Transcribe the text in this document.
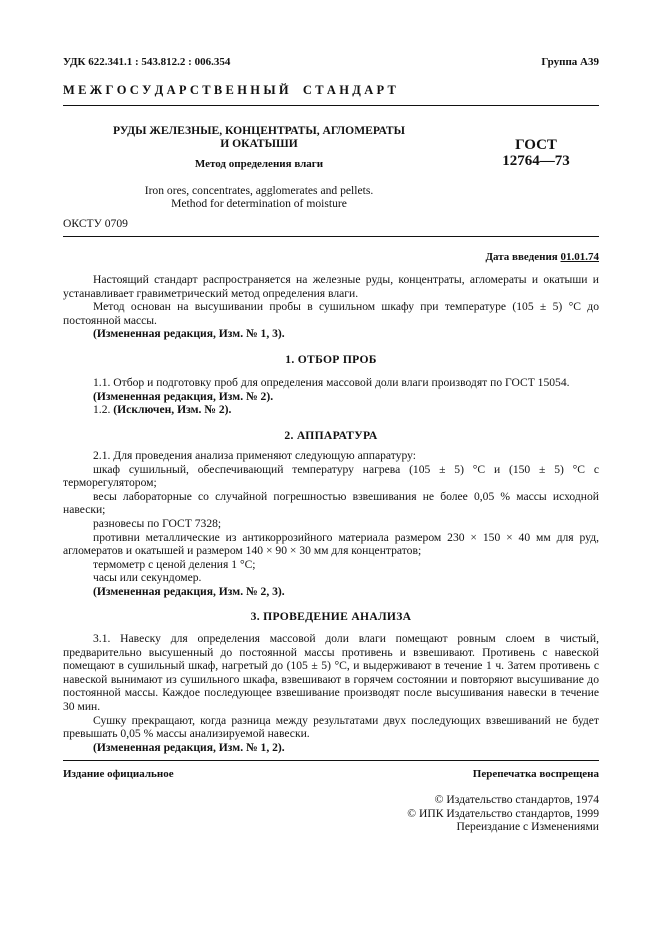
УДК 622.341.1 : 543.812.2 : 006.354	Группа А39
М Е Ж Г О С У Д А Р С Т В Е Н Н Ы Й     С Т А Н Д А Р Т
РУДЫ ЖЕЛЕЗНЫЕ, КОНЦЕНТРАТЫ, АГЛОМЕРАТЫ
И ОКАТЫШИ
Метод определения влаги
ГОСТ
12764—73
Iron ores, concentrates, agglomerates and pellets.
Method for determination of moisture
ОКСТУ 0709
Дата введения 01.01.74

Настоящий стандарт распространяется на железные руды, концентраты, агломераты и окатыши и устанавливает гравиметрический метод определения влаги.

Метод основан на высушивании пробы в сушильном шкафу при температуре (105 ± 5) °С до постоянной массы.

(Измененная редакция, Изм. № 1, 3).

1. ОТБОР ПРОБ

1.1. Отбор и подготовку проб для определения массовой доли влаги производят по ГОСТ 15054.

(Измененная редакция, Изм. № 2).

1.2. (Исключен, Изм. № 2).

2. АППАРАТУРА

2.1. Для проведения анализа применяют следующую аппаратуру:

шкаф сушильный, обеспечивающий температуру нагрева (105 ± 5) °С и (150 ± 5) °С с терморегулятором;

весы лабораторные со случайной погрешностью взвешивания не более 0,05 % массы исходной навески;

разновесы по ГОСТ 7328;

противни металлические из антикоррозийного материала размером 230 × 150 × 40 мм для руд, агломератов и окатышей и размером 140 × 90 × 30 мм для концентратов;

термометр с ценой деления 1 °С;

часы или секундомер.

(Измененная редакция, Изм. № 2, 3).

3. ПРОВЕДЕНИЕ АНАЛИЗА

3.1. Навеску для определения массовой доли влаги помещают ровным слоем в чистый, предварительно высушенный до постоянной массы противень и взвешивают. Противень с навеской помещают в сушильный шкаф, нагретый до (105 ± 5) °С, и выдерживают в течение 1 ч. Затем противень с навеской вынимают из сушильного шкафа, взвешивают в горячем состоянии и повторяют высушивание до постоянной массы. Каждое последующее взвешивание производят после высушивания навески в течение 30 мин.

Сушку прекращают, когда разница между результатами двух последующих взвешиваний не будет превышать 0,05 % массы анализируемой навески.

(Измененная редакция, Изм. № 1, 2).

Издание официальное	Перепечатка воспрещена
© Издательство стандартов, 1974
© ИПК Издательство стандартов, 1999
Переиздание с Изменениями
